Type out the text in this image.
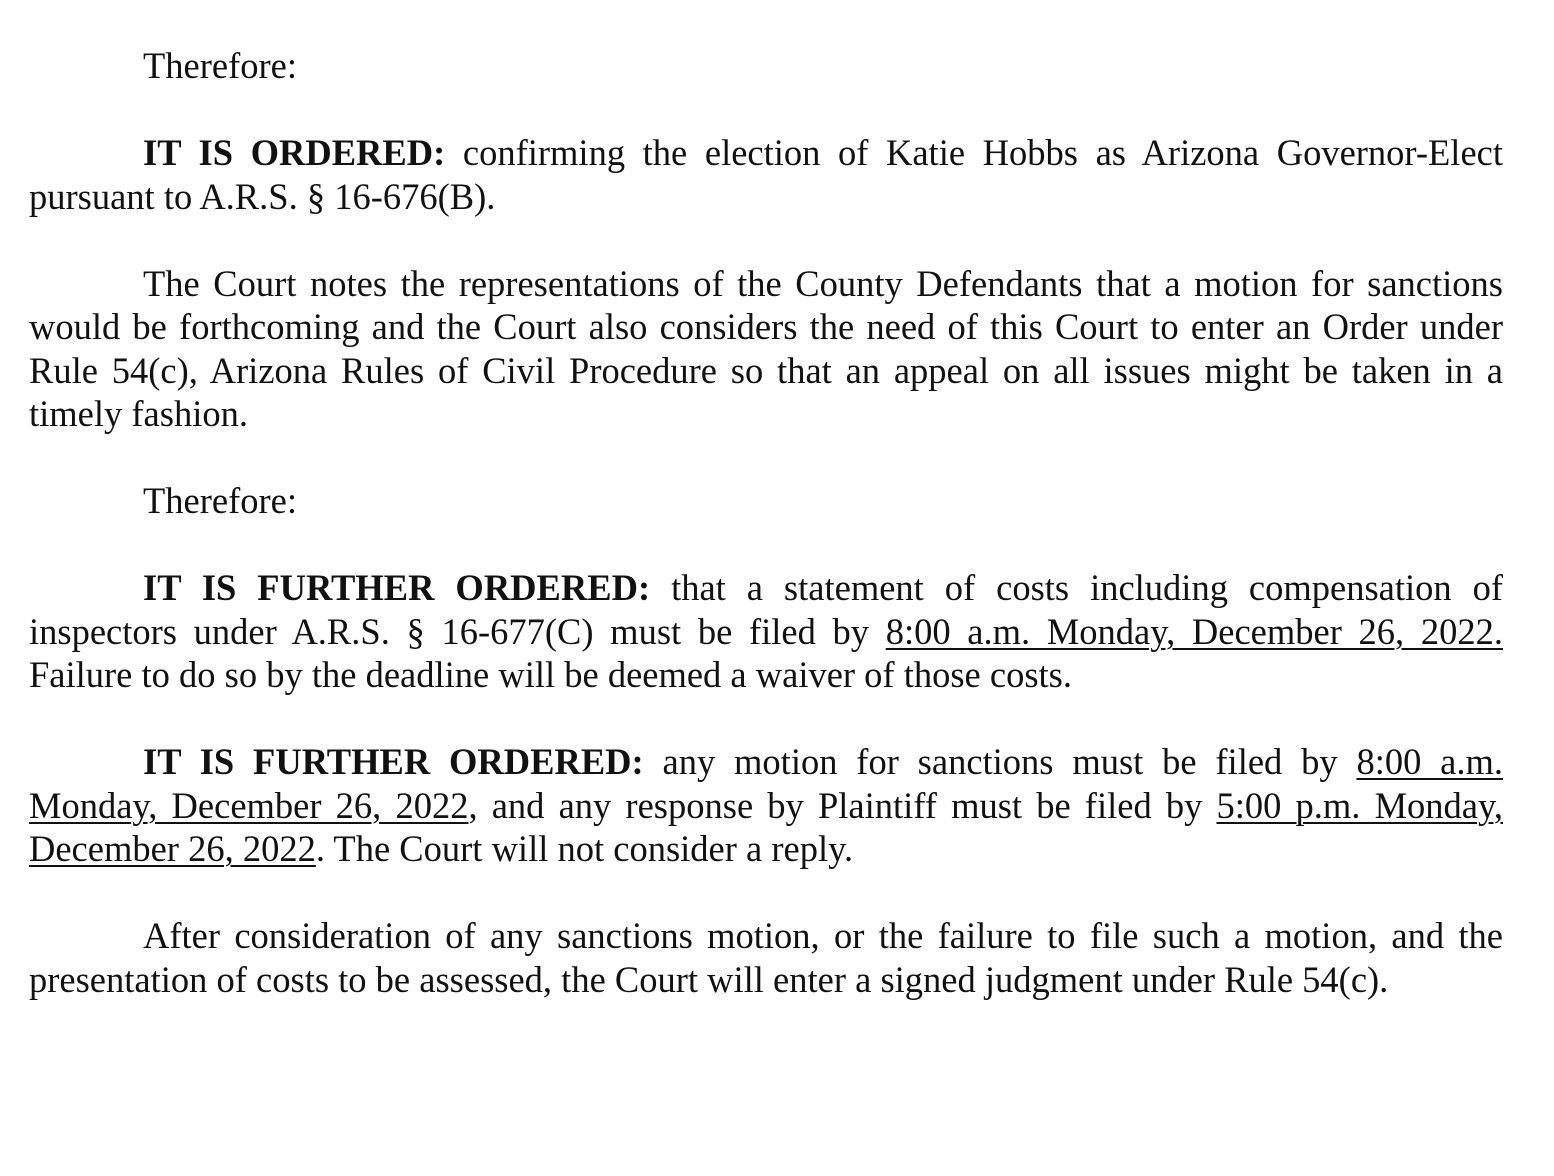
Therefore:

IT IS ORDERED: confirming the election of Katie Hobbs as Arizona Governor-Elect pursuant to A.R.S. § 16-676(B).

The Court notes the representations of the County Defendants that a motion for sanctions would be forthcoming and the Court also considers the need of this Court to enter an Order under Rule 54(c), Arizona Rules of Civil Procedure so that an appeal on all issues might be taken in a timely fashion.

Therefore:

IT IS FURTHER ORDERED: that a statement of costs including compensation of inspectors under A.R.S. § 16-677(C) must be filed by 8:00 a.m. Monday, December 26, 2022. Failure to do so by the deadline will be deemed a waiver of those costs.

IT IS FURTHER ORDERED: any motion for sanctions must be filed by 8:00 a.m. Monday, December 26, 2022, and any response by Plaintiff must be filed by 5:00 p.m. Monday, December 26, 2022. The Court will not consider a reply.

After consideration of any sanctions motion, or the failure to file such a motion, and the presentation of costs to be assessed, the Court will enter a signed judgment under Rule 54(c).
